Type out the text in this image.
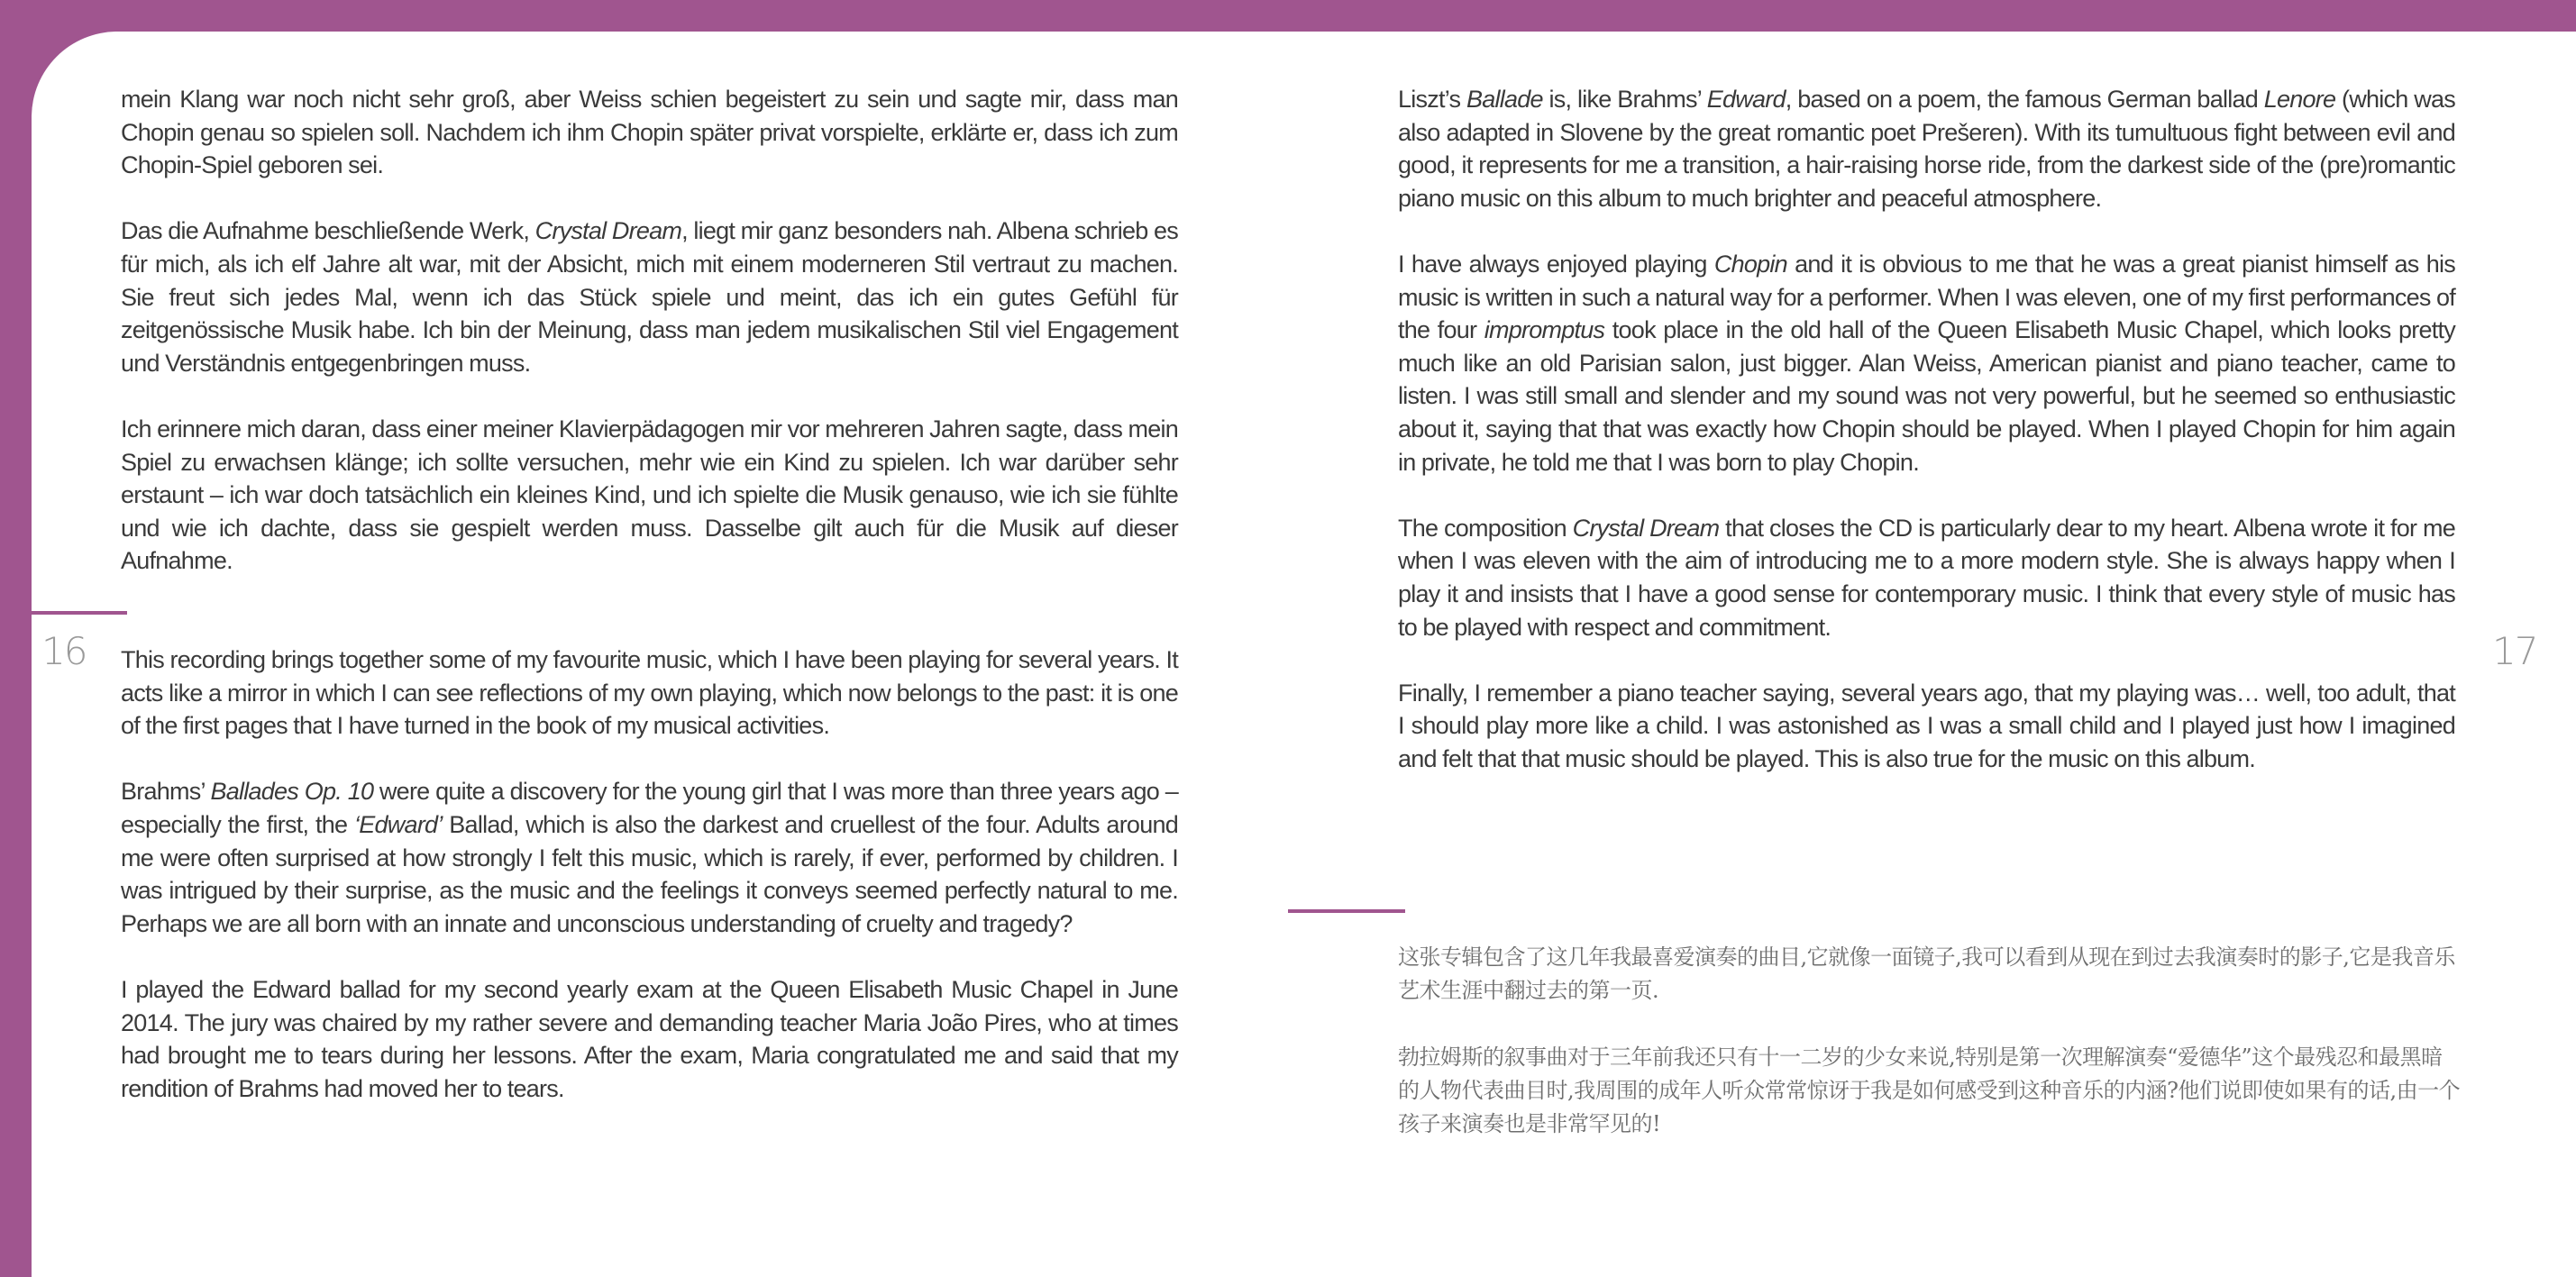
16	17

mein Klang war noch nicht sehr groß, aber Weiss schien begeistert zu sein und sagte mir, dass man Chopin genau so spielen soll. Nachdem ich ihm Chopin später privat vorspielte, erklärte er, dass ich zum Chopin-Spiel geboren sei.

Das die Aufnahme beschließende Werk, Crystal Dream, liegt mir ganz besonders nah. Albena schrieb es für mich, als ich elf Jahre alt war, mit der Absicht, mich mit einem moderneren Stil vertraut zu machen. Sie freut sich jedes Mal, wenn ich das Stück spiele und meint, das ich ein gutes Gefühl für zeitgenössische Musik habe. Ich bin der Meinung, dass man jedem musikalischen Stil viel Engagement und Verständnis entgegenbringen muss.

Ich erinnere mich daran, dass einer meiner Klavierpädagogen mir vor mehreren Jahren sagte, dass mein Spiel zu erwachsen klänge; ich sollte versuchen, mehr wie ein Kind zu spielen. Ich war darüber sehr erstaunt – ich war doch tatsächlich ein kleines Kind, und ich spielte die Musik genauso, wie ich sie fühlte und wie ich dachte, dass sie gespielt werden muss. Dasselbe gilt auch für die Musik auf dieser Aufnahme.

This recording brings together some of my favourite music, which I have been playing for several years. It acts like a mirror in which I can see reflections of my own playing, which now belongs to the past: it is one of the first pages that I have turned in the book of my musical activities.

Brahms’ Ballades Op. 10 were quite a discovery for the young girl that I was more than three years ago – especially the first, the ‘Edward’ Ballad, which is also the darkest and cruellest of the four. Adults around me were often surprised at how strongly I felt this music, which is rarely, if ever, performed by children. I was intrigued by their surprise, as the music and the feelings it conveys seemed perfectly natural to me. Perhaps we are all born with an innate and unconscious understanding of cruelty and tragedy?

I played the Edward ballad for my second yearly exam at the Queen Elisabeth Music Chapel in June 2014. The jury was chaired by my rather severe and demanding teacher Maria João Pires, who at times had brought me to tears during her lessons. After the exam, Maria congratulated me and said that my rendition of Brahms had moved her to tears.

Liszt’s Ballade is, like Brahms’ Edward, based on a poem, the famous German ballad Lenore (which was also adapted in Slovene by the great romantic poet Prešeren). With its tumultuous fight between evil and good, it represents for me a transition, a hair-raising horse ride, from the darkest side of the (pre)romantic piano music on this album to much brighter and peaceful atmosphere.

I have always enjoyed playing Chopin and it is obvious to me that he was a great pianist himself as his music is written in such a natural way for a performer. When I was eleven, one of my first performances of the four impromptus took place in the old hall of the Queen Elisabeth Music Chapel, which looks pretty much like an old Parisian salon, just bigger. Alan Weiss, American pianist and piano teacher, came to listen. I was still small and slender and my sound was not very powerful, but he seemed so enthusiastic about it, saying that that was exactly how Chopin should be played. When I played Chopin for him again in private, he told me that I was born to play Chopin.

The composition Crystal Dream that closes the CD is particularly dear to my heart. Albena wrote it for me when I was eleven with the aim of introducing me to a more modern style. She is always happy when I play it and insists that I have a good sense for contemporary music. I think that every style of music has to be played with respect and commitment.

Finally, I remember a piano teacher saying, several years ago, that my playing was… well, too adult, that I should play more like a child. I was astonished as I was a small child and I played just how I imagined and felt that that music should be played. This is also true for the music on this album.

这张专辑包含了这几年我最喜爱演奏的曲目,它就像一面镜子,我可以看到从现在到过去我演奏时的影子,它是我音乐艺术生涯中翻过去的第一页.

勃拉姆斯的叙事曲对于三年前我还只有十一二岁的少女来说,特别是第一次理解演奏“爱德华”这个最残忍和最黑暗的人物代表曲目时,我周围的成年人听众常常惊讶于我是如何感受到这种音乐的内涵?他们说即使如果有的话,由一个孩子来演奏也是非常罕见的!
